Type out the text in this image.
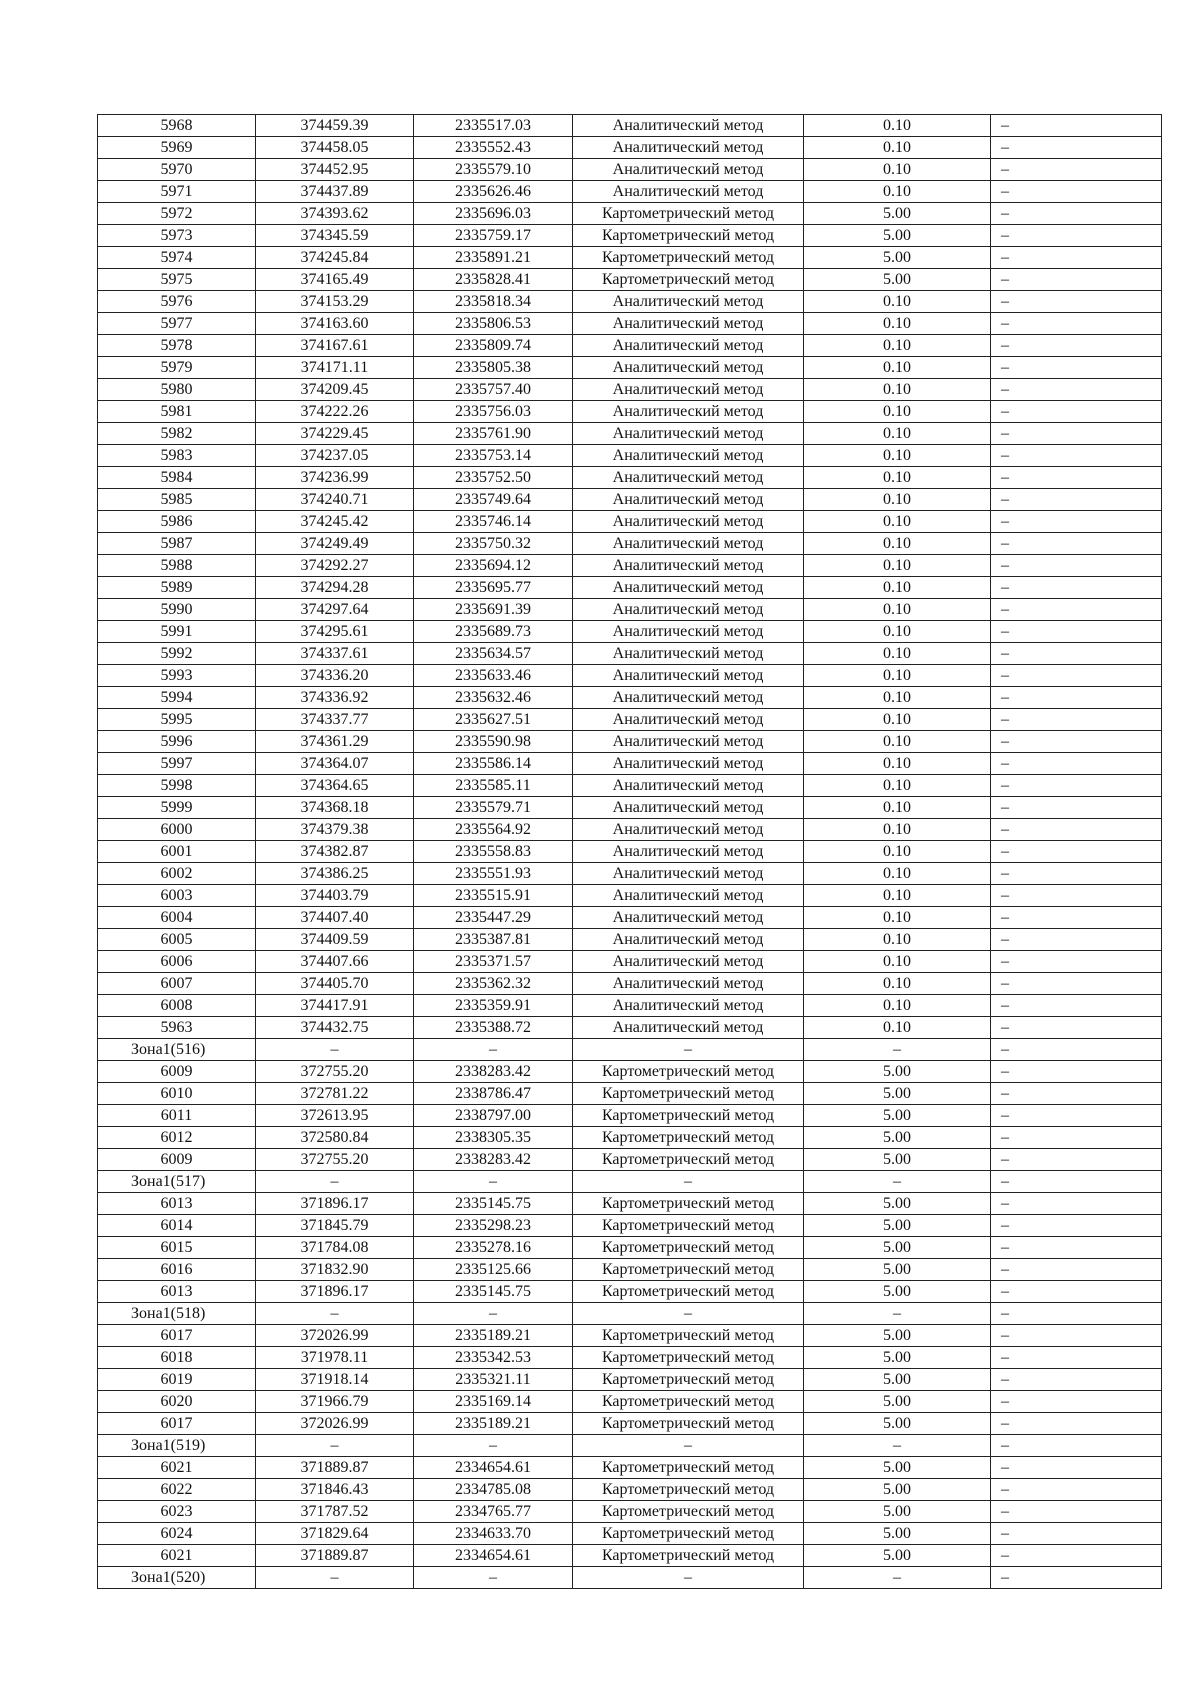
5968	374459.39	2335517.03	Аналитический метод	0.10	–
5969	374458.05	2335552.43	Аналитический метод	0.10	–
5970	374452.95	2335579.10	Аналитический метод	0.10	–
5971	374437.89	2335626.46	Аналитический метод	0.10	–
5972	374393.62	2335696.03	Картометрический метод	5.00	–
5973	374345.59	2335759.17	Картометрический метод	5.00	–
5974	374245.84	2335891.21	Картометрический метод	5.00	–
5975	374165.49	2335828.41	Картометрический метод	5.00	–
5976	374153.29	2335818.34	Аналитический метод	0.10	–
5977	374163.60	2335806.53	Аналитический метод	0.10	–
5978	374167.61	2335809.74	Аналитический метод	0.10	–
5979	374171.11	2335805.38	Аналитический метод	0.10	–
5980	374209.45	2335757.40	Аналитический метод	0.10	–
5981	374222.26	2335756.03	Аналитический метод	0.10	–
5982	374229.45	2335761.90	Аналитический метод	0.10	–
5983	374237.05	2335753.14	Аналитический метод	0.10	–
5984	374236.99	2335752.50	Аналитический метод	0.10	–
5985	374240.71	2335749.64	Аналитический метод	0.10	–
5986	374245.42	2335746.14	Аналитический метод	0.10	–
5987	374249.49	2335750.32	Аналитический метод	0.10	–
5988	374292.27	2335694.12	Аналитический метод	0.10	–
5989	374294.28	2335695.77	Аналитический метод	0.10	–
5990	374297.64	2335691.39	Аналитический метод	0.10	–
5991	374295.61	2335689.73	Аналитический метод	0.10	–
5992	374337.61	2335634.57	Аналитический метод	0.10	–
5993	374336.20	2335633.46	Аналитический метод	0.10	–
5994	374336.92	2335632.46	Аналитический метод	0.10	–
5995	374337.77	2335627.51	Аналитический метод	0.10	–
5996	374361.29	2335590.98	Аналитический метод	0.10	–
5997	374364.07	2335586.14	Аналитический метод	0.10	–
5998	374364.65	2335585.11	Аналитический метод	0.10	–
5999	374368.18	2335579.71	Аналитический метод	0.10	–
6000	374379.38	2335564.92	Аналитический метод	0.10	–
6001	374382.87	2335558.83	Аналитический метод	0.10	–
6002	374386.25	2335551.93	Аналитический метод	0.10	–
6003	374403.79	2335515.91	Аналитический метод	0.10	–
6004	374407.40	2335447.29	Аналитический метод	0.10	–
6005	374409.59	2335387.81	Аналитический метод	0.10	–
6006	374407.66	2335371.57	Аналитический метод	0.10	–
6007	374405.70	2335362.32	Аналитический метод	0.10	–
6008	374417.91	2335359.91	Аналитический метод	0.10	–
5963	374432.75	2335388.72	Аналитический метод	0.10	–
Зона1(516)	–	–	–	–	–
6009	372755.20	2338283.42	Картометрический метод	5.00	–
6010	372781.22	2338786.47	Картометрический метод	5.00	–
6011	372613.95	2338797.00	Картометрический метод	5.00	–
6012	372580.84	2338305.35	Картометрический метод	5.00	–
6009	372755.20	2338283.42	Картометрический метод	5.00	–
Зона1(517)	–	–	–	–	–
6013	371896.17	2335145.75	Картометрический метод	5.00	–
6014	371845.79	2335298.23	Картометрический метод	5.00	–
6015	371784.08	2335278.16	Картометрический метод	5.00	–
6016	371832.90	2335125.66	Картометрический метод	5.00	–
6013	371896.17	2335145.75	Картометрический метод	5.00	–
Зона1(518)	–	–	–	–	–
6017	372026.99	2335189.21	Картометрический метод	5.00	–
6018	371978.11	2335342.53	Картометрический метод	5.00	–
6019	371918.14	2335321.11	Картометрический метод	5.00	–
6020	371966.79	2335169.14	Картометрический метод	5.00	–
6017	372026.99	2335189.21	Картометрический метод	5.00	–
Зона1(519)	–	–	–	–	–
6021	371889.87	2334654.61	Картометрический метод	5.00	–
6022	371846.43	2334785.08	Картометрический метод	5.00	–
6023	371787.52	2334765.77	Картометрический метод	5.00	–
6024	371829.64	2334633.70	Картометрический метод	5.00	–
6021	371889.87	2334654.61	Картометрический метод	5.00	–
Зона1(520)	–	–	–	–	–
